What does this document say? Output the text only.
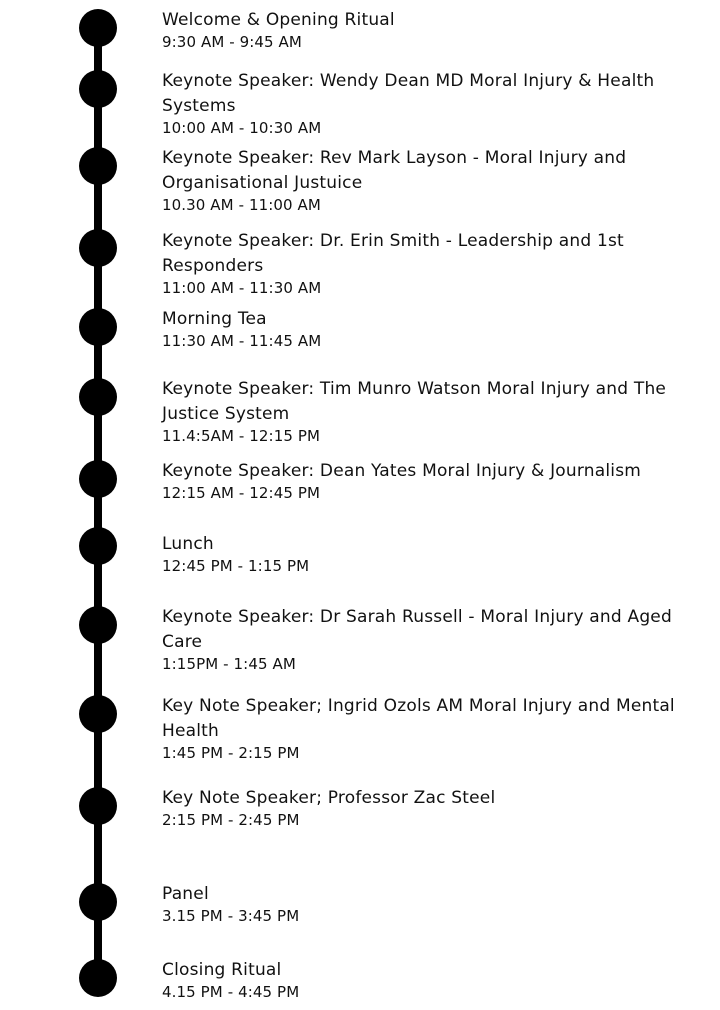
Welcome & Opening Ritual
9:30 AM - 9:45 AM
Keynote Speaker: Wendy Dean MD Moral Injury & Health Systems
10:00 AM - 10:30 AM
Keynote Speaker: Rev Mark Layson - Moral Injury and Organisational Justuice
10.30 AM - 11:00 AM
Keynote Speaker: Dr. Erin Smith - Leadership and 1st Responders
11:00 AM - 11:30 AM
Morning Tea
11:30 AM - 11:45 AM
Keynote Speaker: Tim Munro Watson Moral Injury and The Justice System
11.4:5AM - 12:15 PM
Keynote Speaker: Dean Yates Moral Injury & Journalism
12:15 AM - 12:45 PM
Lunch
12:45 PM - 1:15 PM
Keynote Speaker: Dr Sarah Russell - Moral Injury and Aged Care
1:15PM - 1:45 AM
Key Note Speaker; Ingrid Ozols AM Moral Injury and Mental Health
1:45 PM - 2:15 PM
Key Note Speaker; Professor Zac Steel
2:15 PM - 2:45 PM
Panel
3.15 PM - 3:45 PM
Closing Ritual
4.15 PM - 4:45 PM
